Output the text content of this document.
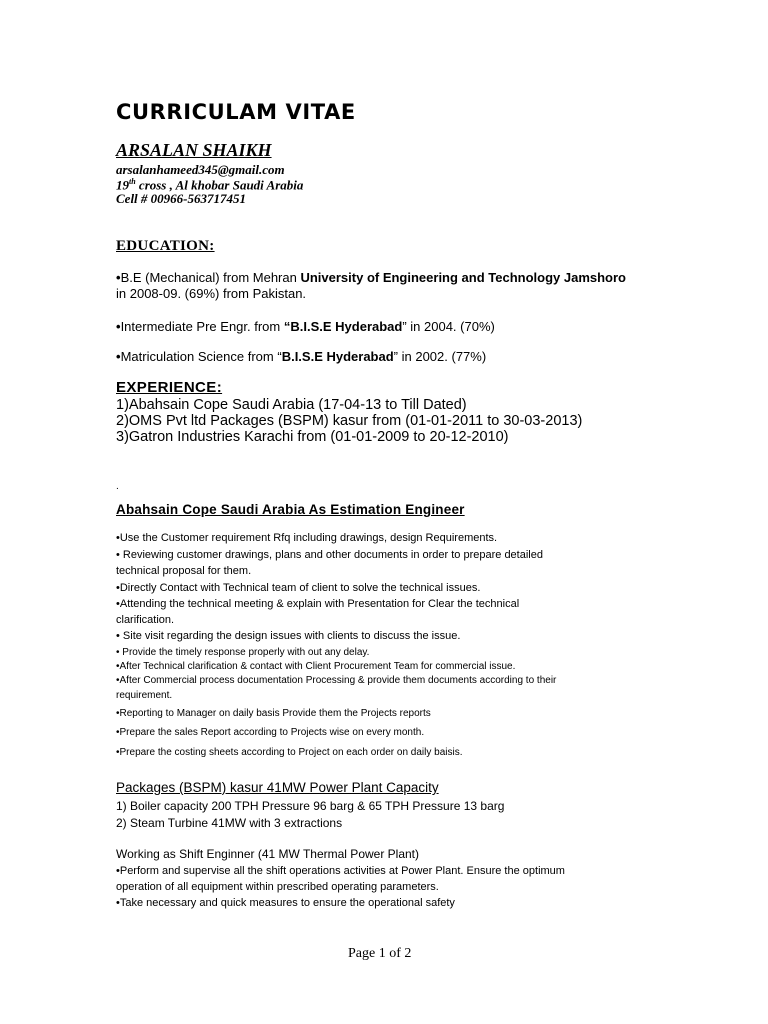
CURRICULAM VITAE
ARSALAN SHAIKH
arsalanhameed345@gmail.com
19th cross , Al khobar Saudi Arabia
Cell # 00966-563717451
EDUCATION:
•B.E (Mechanical) from Mehran University of Engineering and Technology Jamshoro
in 2008-09. (69%) from Pakistan.
•Intermediate Pre Engr. from “B.I.S.E Hyderabad” in 2004. (70%)
•Matriculation Science from “B.I.S.E Hyderabad” in 2002. (77%)
EXPERIENCE:
1)Abahsain Cope Saudi Arabia (17-04-13 to Till Dated)
2)OMS Pvt ltd Packages (BSPM) kasur from (01-01-2011 to 30-03-2013)
3)Gatron Industries Karachi from (01-01-2009 to 20-12-2010)
.
Abahsain Cope Saudi Arabia As Estimation Engineer
•Use the Customer requirement Rfq including drawings, design Requirements.
• Reviewing customer drawings, plans and other documents in order to prepare detailed
technical proposal for them.
•Directly Contact with Technical team of client to solve the technical issues.
•Attending the technical meeting & explain with Presentation for Clear the technical
clarification.
• Site visit regarding the design issues with clients to discuss the issue.
• Provide the timely response properly with out any delay.
•After Technical clarification & contact with Client Procurement Team for commercial issue.
•After Commercial process documentation Processing & provide them documents according to their
requirement.
•Reporting to Manager on daily basis Provide them the Projects reports
•Prepare the sales Report according to Projects wise on every month.
•Prepare the costing sheets according to Project on each order on daily baisis.
Packages (BSPM) kasur 41MW Power Plant Capacity
1) Boiler capacity 200 TPH Pressure 96 barg & 65 TPH Pressure 13 barg
2) Steam Turbine 41MW with 3 extractions
Working as Shift Enginner (41 MW Thermal Power Plant)
•Perform and supervise all the shift operations activities at Power Plant. Ensure the optimum
operation of all equipment within prescribed operating parameters.
•Take necessary and quick measures to ensure the operational safety
Page 1 of 2
